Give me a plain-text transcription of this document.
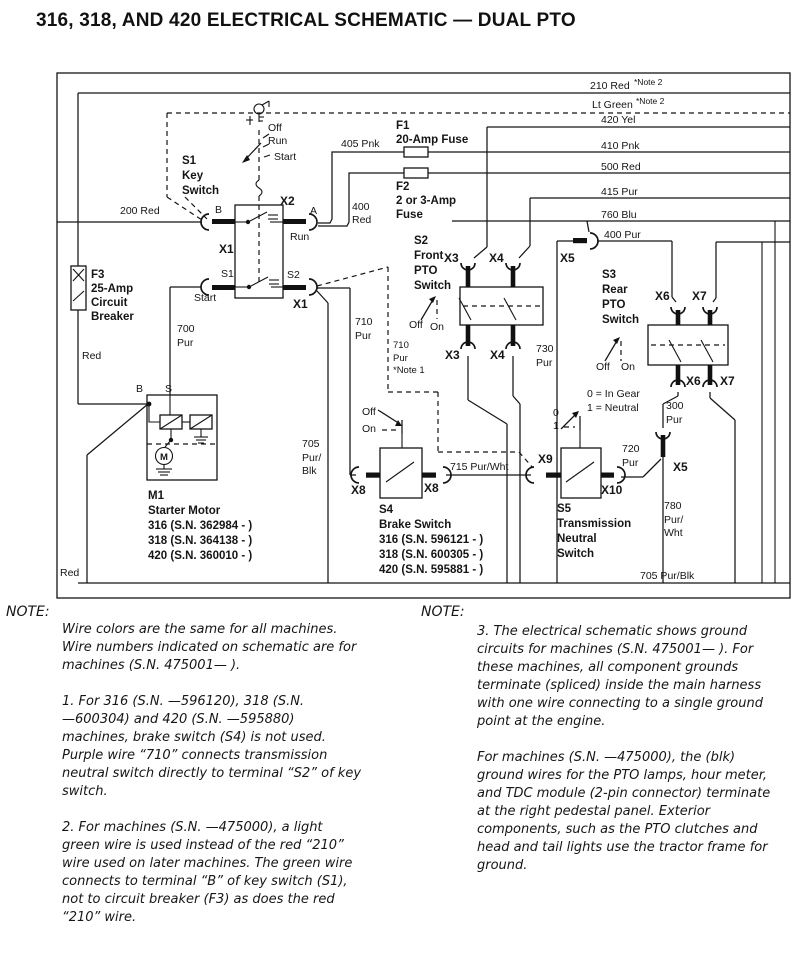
316, 318, AND 420 ELECTRICAL SCHEMATIC — DUAL PTO
210 Red *Note 2
Lt Green *Note 2
420 Yel
410 Pnk
500 Red
415 Pur
760 Blu
400 Pur
200 Red
405 Pnk
400
Red
700
Pur
Red
Red
710
Pur
710
Pur
*Note 1
705
Pur/
Blk	715 Pur/Wht
730
Pur
300
Pur
720
Pur
780
Pur/
Wht
705 Pur/Blk
F1
20-Amp Fuse
F2
2 or 3-Amp
Fuse
F3
25-Amp
Circuit
Breaker
S1
Key
Switch
S2
Front
PTO
Switch
S3
Rear
PTO
Switch
S4
Brake Switch
316 (S.N. 596121 - )
318 (S.N. 600305 - )
420 (S.N. 595881 - )
S5
Transmission
Neutral
Switch
M1
Starter Motor
316 (S.N. 362984 - )
318 (S.N. 364138 - )
420 (S.N. 360010 - )
B
X2
A
Run
X1
S1
Start
S2
X1
Off
Run
Start
X3	X4
X3	X4
X5
X5
X6 X7
X6 X7
X8	X8
X9
X10
Off On
Off On
Off
On
0
1
0 = In Gear
1 = Neutral
B S
M
NOTE:
Wire colors are the same for all machines.
Wire numbers indicated on schematic are for
machines (S.N. 475001— ).
1. For 316 (S.N. —596120), 318 (S.N.
—600304) and 420 (S.N. —595880)
machines, brake switch (S4) is not used.
Purple wire “710” connects transmission
neutral switch directly to terminal “S2” of key
switch.
2. For machines (S.N. —475000), a light
green wire is used instead of the red “210”
wire used on later machines. The green wire
connects to terminal “B” of key switch (S1),
not to circuit breaker (F3) as does the red
“210” wire.
NOTE:
3. The electrical schematic shows ground
circuits for machines (S.N. 475001— ). For
these machines, all component grounds
terminate (spliced) inside the main harness
with one wire connecting to a single ground
point at the engine.
For machines (S.N. —475000), the (blk)
ground wires for the PTO lamps, hour meter,
and TDC module (2-pin connector) terminate
at the right pedestal panel. Exterior
components, such as the PTO clutches and
head and tail lights use the tractor frame for
ground.
